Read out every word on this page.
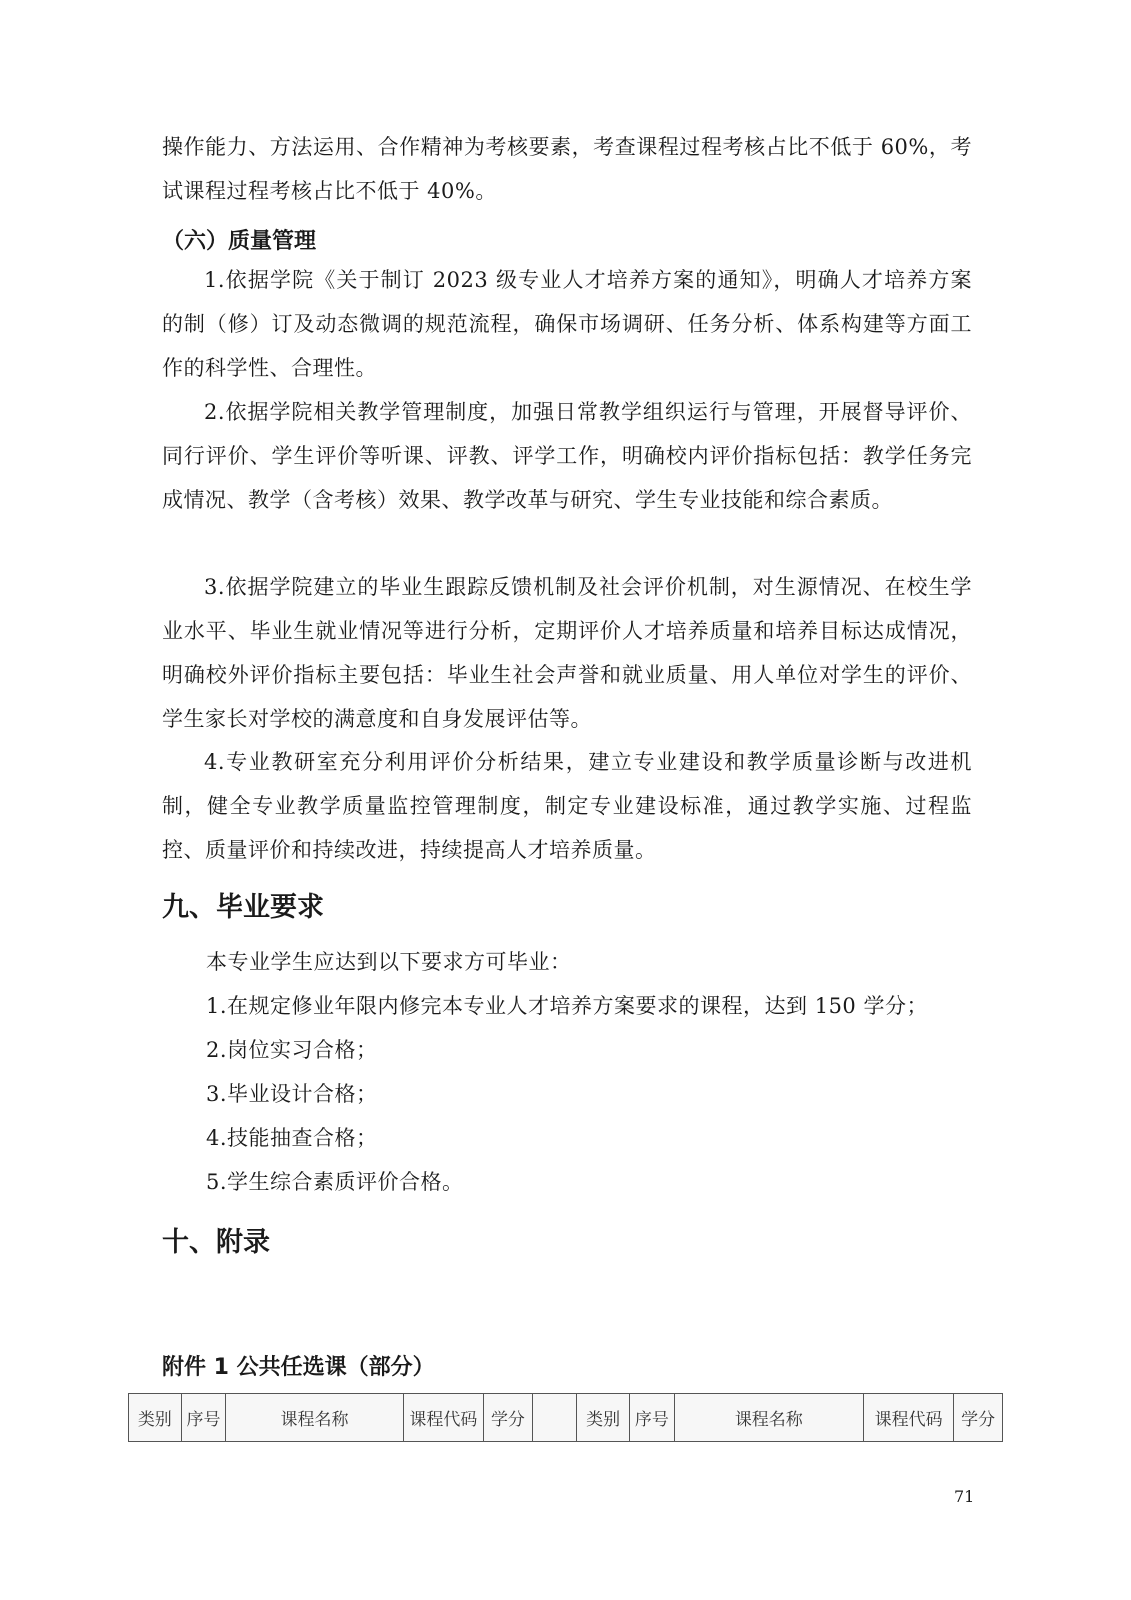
操作能力、方法运用、合作精神为考核要素，考查课程过程考核占比不低于 60%，考试课程过程考核占比不低于 40%。

（六）质量管理

1.依据学院《关于制订 2023 级专业人才培养方案的通知》，明确人才培养方案的制（修）订及动态微调的规范流程，确保市场调研、任务分析、体系构建等方面工作的科学性、合理性。

2.依据学院相关教学管理制度，加强日常教学组织运行与管理，开展督导评价、同行评价、学生评价等听课、评教、评学工作，明确校内评价指标包括：教学任务完成情况、教学（含考核）效果、教学改革与研究、学生专业技能和综合素质。

3.依据学院建立的毕业生跟踪反馈机制及社会评价机制，对生源情况、在校生学业水平、毕业生就业情况等进行分析，定期评价人才培养质量和培养目标达成情况，明确校外评价指标主要包括：毕业生社会声誉和就业质量、用人单位对学生的评价、学生家长对学校的满意度和自身发展评估等。

4.专业教研室充分利用评价分析结果，建立专业建设和教学质量诊断与改进机制，健全专业教学质量监控管理制度，制定专业建设标准，通过教学实施、过程监控、质量评价和持续改进，持续提高人才培养质量。

九、毕业要求

本专业学生应达到以下要求方可毕业：

1.在规定修业年限内修完本专业人才培养方案要求的课程，达到 150 学分；

2.岗位实习合格；

3.毕业设计合格；

4.技能抽查合格；

5.学生综合素质评价合格。

十、附录

附件 1 公共任选课（部分）

类别	序号	课程名称	课程代码	学分		类别	序号	课程名称	课程代码	学分

71
